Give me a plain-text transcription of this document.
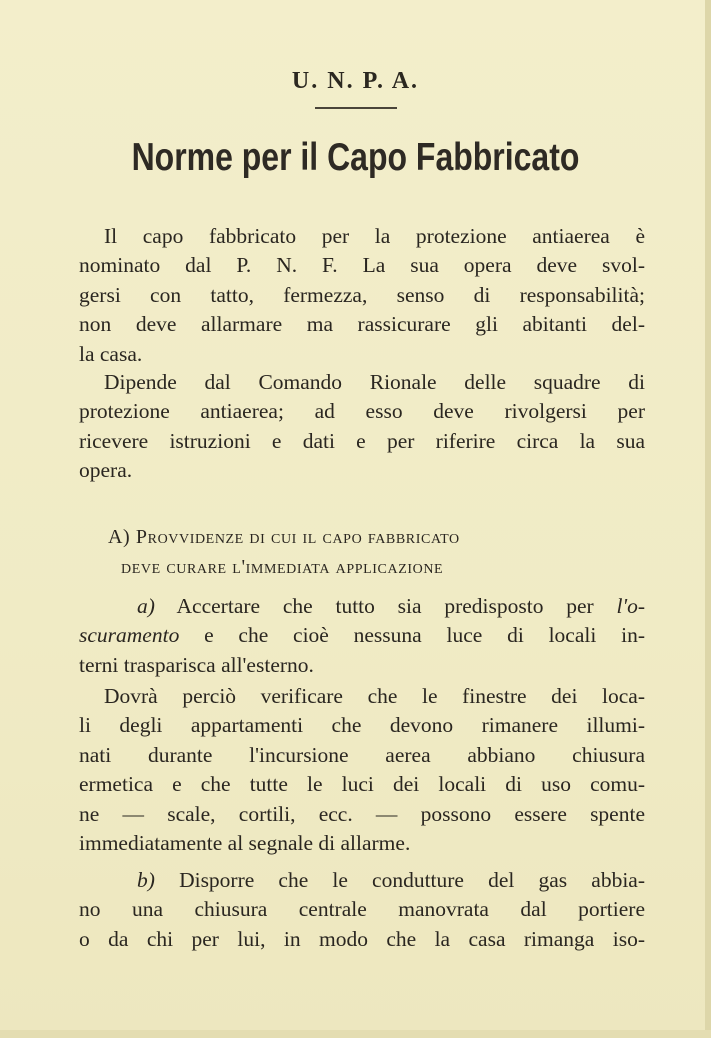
U. N. P. A.
Norme per il Capo Fabbricato
Il capo fabbricato per la protezione antiaerea è
nominato dal P. N. F. La sua opera deve svol-
gersi con tatto, fermezza, senso di responsabilità;
non deve allarmare ma rassicurare gli abitanti del-
la casa.
Dipende dal Comando Rionale delle squadre di
protezione antiaerea; ad esso deve rivolgersi per
ricevere istruzioni e dati e per riferire circa la sua
opera.
A) Provvidenze di cui il capo fabbricato
deve curare l'immediata applicazione
a) Accertare che tutto sia predisposto per l'o-
scuramento e che cioè nessuna luce di locali in-
terni trasparisca all'esterno.
Dovrà perciò verificare che le finestre dei loca-
li degli appartamenti che devono rimanere illumi-
nati durante l'incursione aerea abbiano chiusura
ermetica e che tutte le luci dei locali di uso comu-
ne — scale, cortili, ecc. — possono essere spente
immediatamente al segnale di allarme.
b) Disporre che le condutture del gas abbia-
no una chiusura centrale manovrata dal portiere
o da chi per lui, in modo che la casa rimanga iso-
